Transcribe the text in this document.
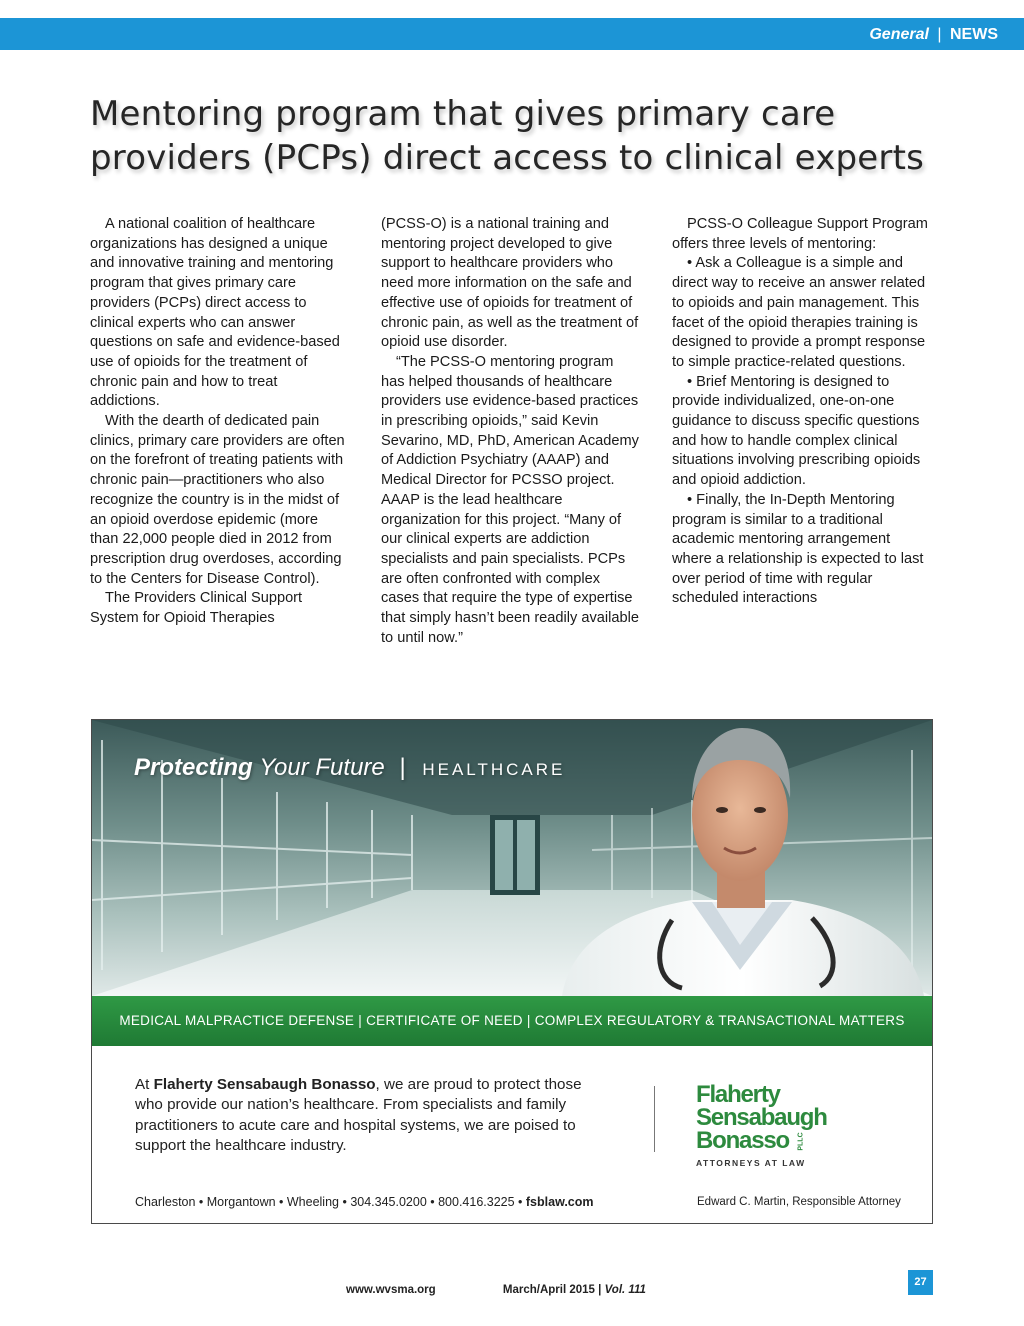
General | NEWS
Mentoring program that gives primary care
providers (PCPs) direct access to clinical experts

A national coalition of healthcare organizations has designed a unique and innovative training and mentoring program that gives primary care providers (PCPs) direct access to clinical experts who can answer questions on safe and evidence-based use of opioids for the treatment of chronic pain and how to treat addictions.

With the dearth of dedicated pain clinics, primary care providers are often on the forefront of treating patients with chronic pain—practitioners who also recognize the country is in the midst of an opioid overdose epidemic (more than 22,000 people died in 2012 from prescription drug overdoses, according to the Centers for Disease Control).

The Providers Clinical Support System for Opioid Therapies

(PCSS-O) is a national training and mentoring project developed to give support to healthcare providers who need more information on the safe and effective use of opioids for treatment of chronic pain, as well as the treatment of opioid use disorder.

“The PCSS-O mentoring program has helped thousands of healthcare providers use evidence-based practices in prescribing opioids,” said Kevin Sevarino, MD, PhD, American Academy of Addiction Psychiatry (AAAP) and Medical Director for PCSSO project. AAAP is the lead healthcare organization for this project. “Many of our clinical experts are addiction specialists and pain specialists. PCPs are often confronted with complex cases that require the type of expertise that simply hasn’t been readily available to until now.”

PCSS-O Colleague Support Program offers three levels of mentoring:

• Ask a Colleague is a simple and direct way to receive an answer related to opioids and pain management. This facet of the opioid therapies training is designed to provide a prompt response to simple practice-related questions.

• Brief Mentoring is designed to provide individualized, one-on-one guidance to discuss specific questions and how to handle complex clinical situations involving prescribing opioids and opioid addiction.

• Finally, the In-Depth Mentoring program is similar to a traditional academic mentoring arrangement where a relationship is expected to last over period of time with regular scheduled interactions

Protecting Your Future | HEALTHCARE
MEDICAL MALPRACTICE DEFENSE | CERTIFICATE OF NEED | COMPLEX REGULATORY & TRANSACTIONAL MATTERS
At Flaherty Sensabaugh Bonasso, we are proud to protect those who provide our nation’s healthcare. From specialists and family practitioners to acute care and hospital systems, we are poised to support the healthcare industry.
Flaherty
Sensabaugh
Bonasso PLLC
ATTORNEYS AT LAW
Charleston • Morgantown • Wheeling • 304.345.0200 • 800.416.3225 • fsblaw.com	Edward C. Martin, Responsible Attorney
www.wvsma.org	March/April 2015 | Vol. 111
27
